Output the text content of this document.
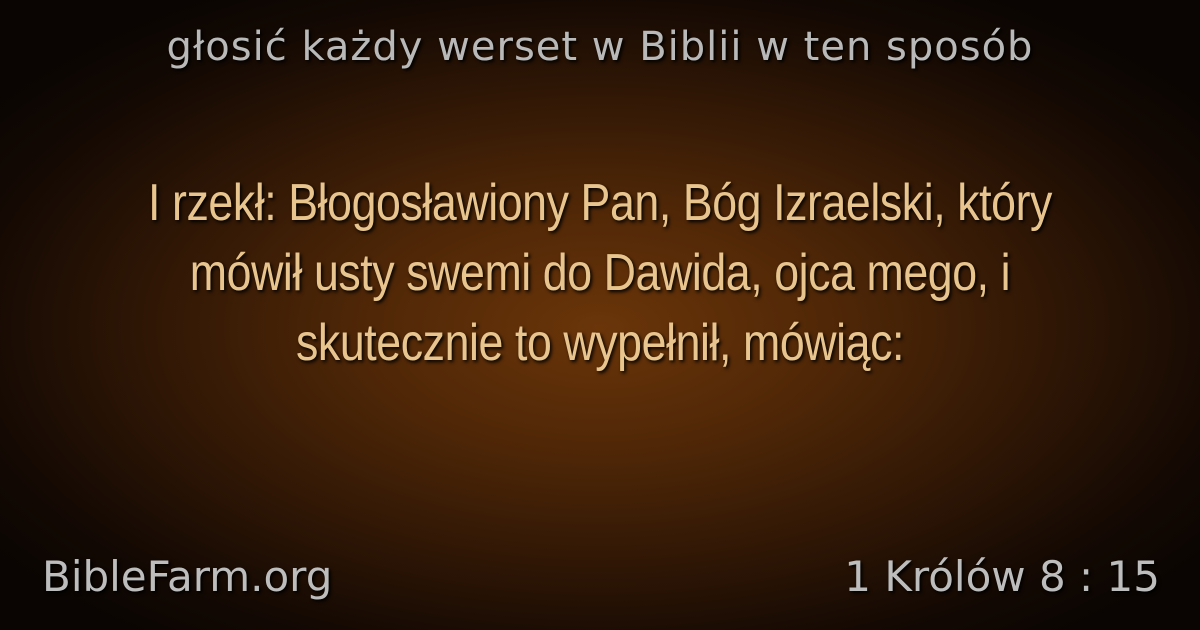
głosić każdy werset w Biblii w ten sposób
I rzekł: Błogosławiony Pan, Bóg Izraelski, który mówił usty swemi do Dawida, ojca mego, i skutecznie to wypełnił, mówiąc:
BibleFarm.org	1 Królów 8 : 15
